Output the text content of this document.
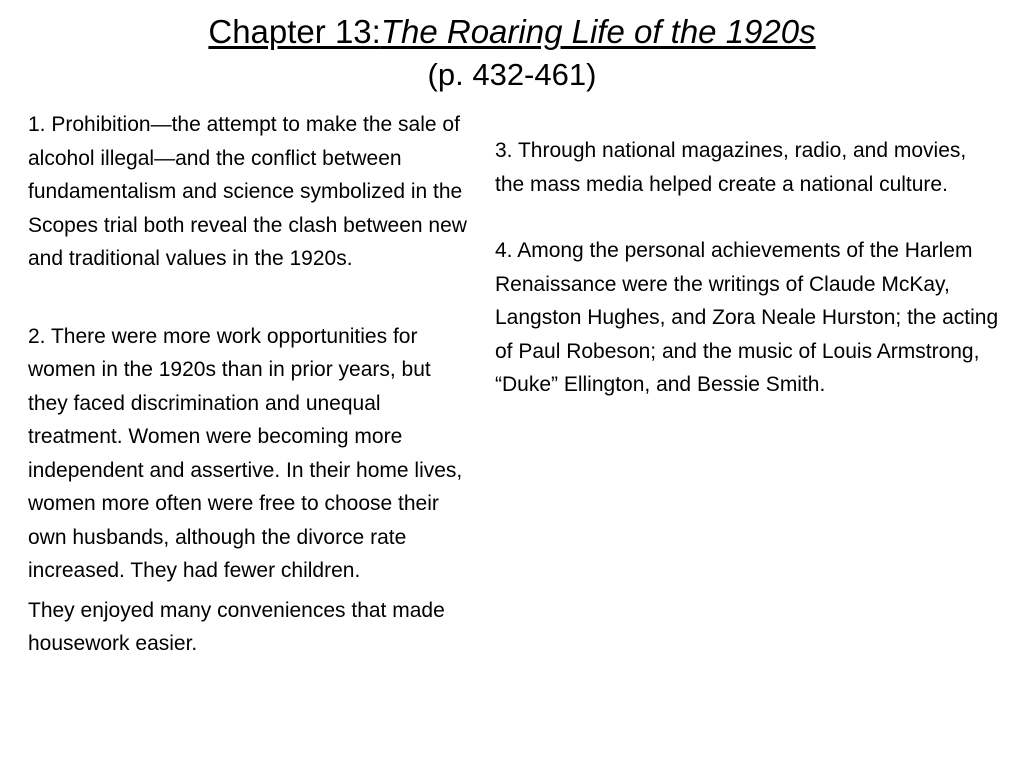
Chapter 13:The Roaring Life of the 1920s
(p. 432-461)

1. Prohibition—the attempt to make the sale of alcohol illegal—and the conflict between fundamentalism and science symbolized in the Scopes trial both reveal the clash between new and traditional values in the 1920s.

2. There were more work opportunities for women in the 1920s than in prior years, but they faced discrimination and unequal treatment. Women were becoming more independent and assertive. In their home lives, women more often were free to choose their own husbands, although the divorce rate increased. They had fewer children.

They enjoyed many conveniences that made housework easier.

3. Through national magazines, radio, and movies, the mass media helped create a national culture.

4. Among the personal achievements of the Harlem Renaissance were the writings of Claude McKay, Langston Hughes, and Zora Neale Hurston; the acting of Paul Robeson; and the music of Louis Armstrong, “Duke” Ellington, and Bessie Smith.
